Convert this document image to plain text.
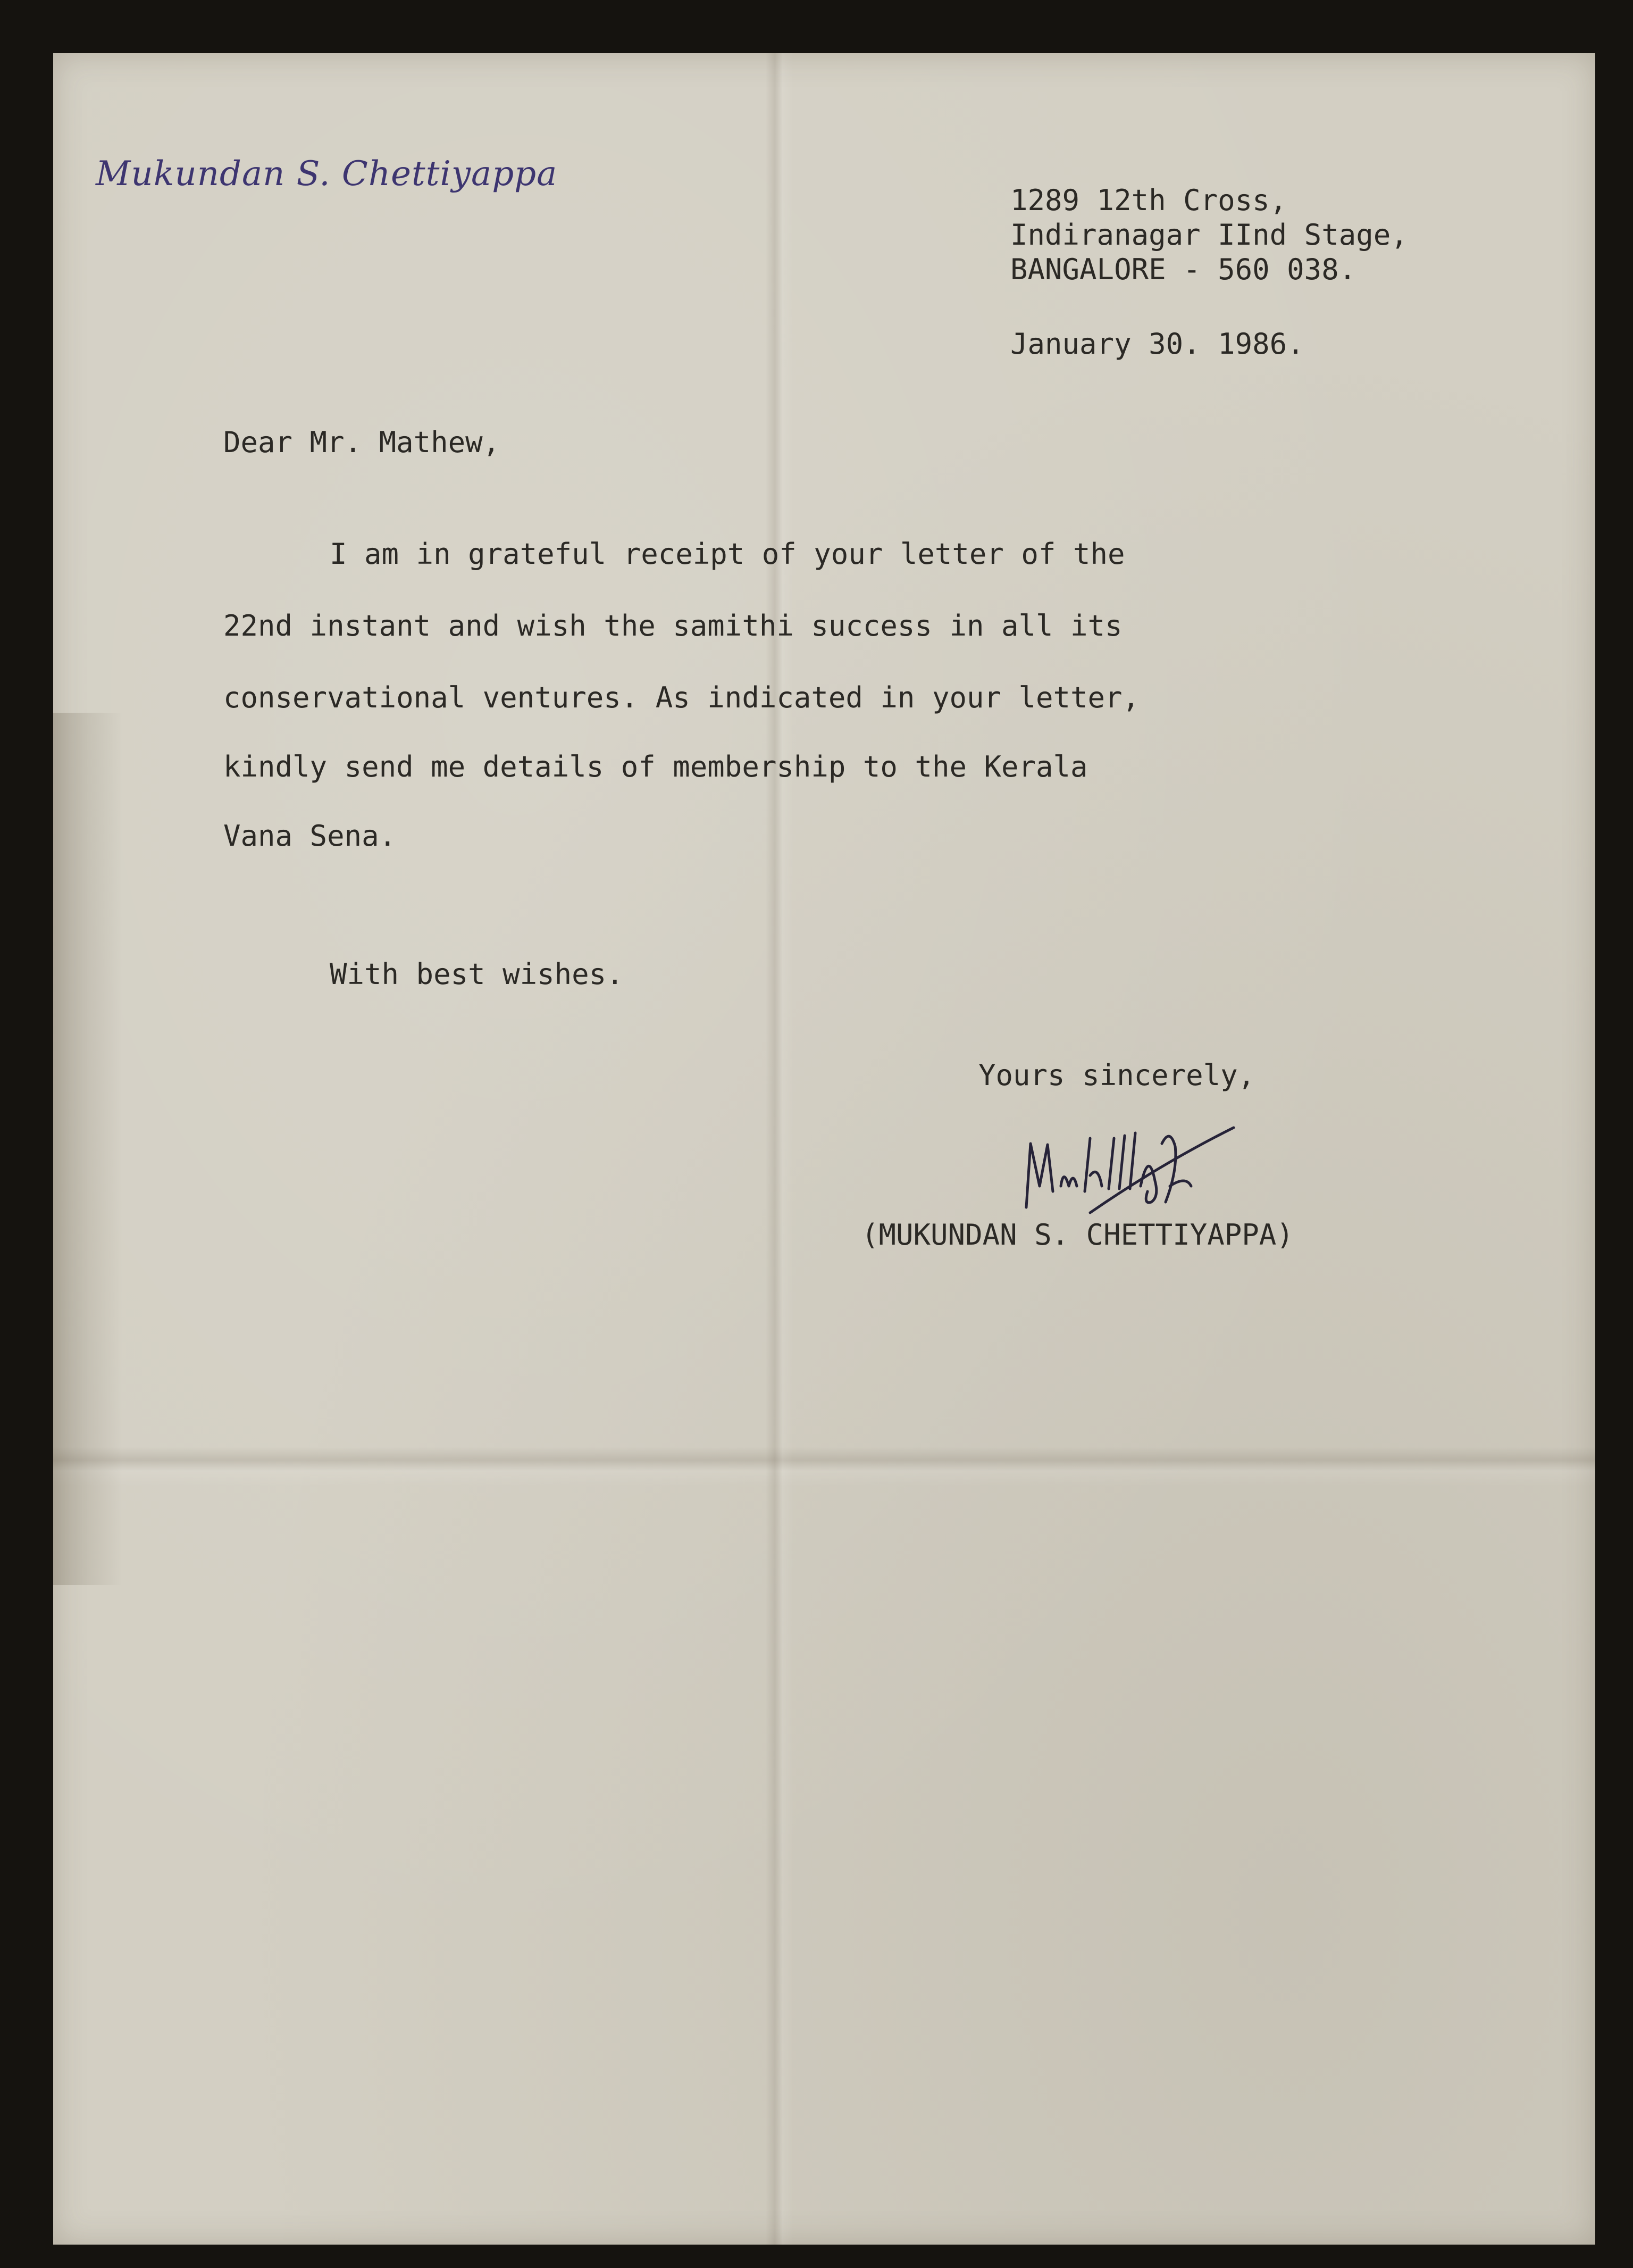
Mukundan S. Chettiyappa
1289 12th Cross,
Indiranagar IInd Stage,
BANGALORE - 560 038.
January 30. 1986.
Dear Mr. Mathew,
I am in grateful receipt of your letter of the
22nd instant and wish the samithi success in all its
conservational ventures. As indicated in your letter,
kindly send me details of membership to the Kerala
Vana Sena.
With best wishes.
Yours sincerely,
(MUKUNDAN S. CHETTIYAPPA)
